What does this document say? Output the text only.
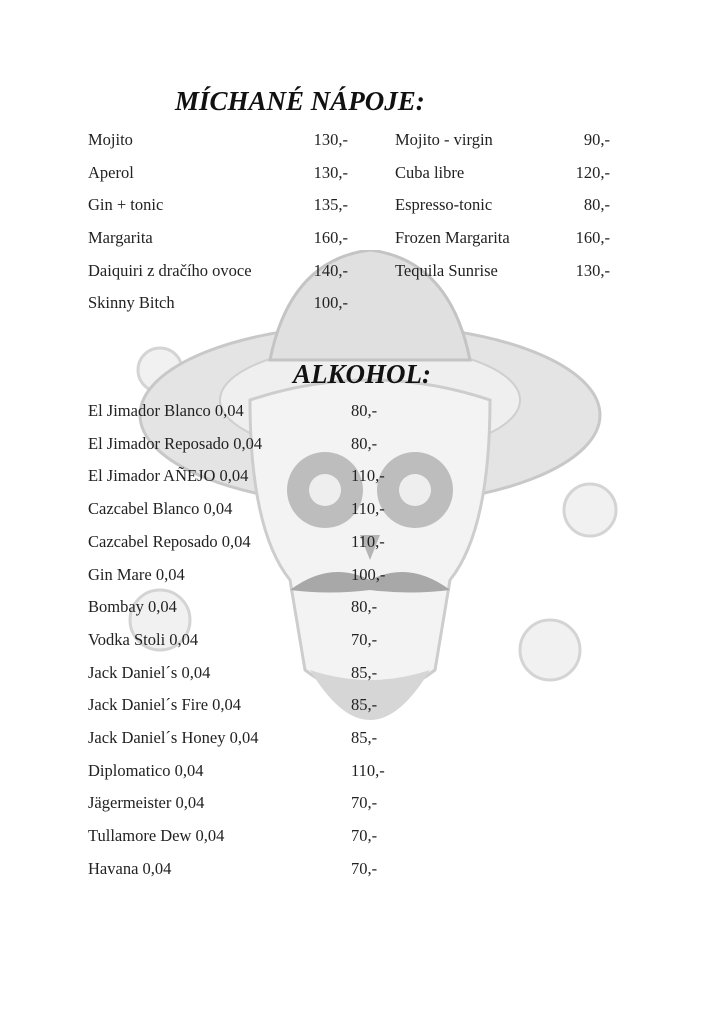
MÍCHANÉ NÁPOJE:
Mojito	130,-
Aperol	130,-
Gin + tonic	135,-
Margarita	160,-
Daiquiri z dračího ovoce	140,-
Skinny Bitch	100,-
Mojito - virgin	90,-
Cuba libre	120,-
Espresso-tonic	80,-
Frozen Margarita	160,-
Tequila Sunrise	130,-
ALKOHOL:
El Jimador Blanco 0,04	80,-
El Jimador Reposado 0,04	80,-
El Jimador AÑEJO 0,04	110,-
Cazcabel Blanco 0,04	110,-
Cazcabel Reposado 0,04	110,-
Gin Mare 0,04	100,-
Bombay 0,04	80,-
Vodka Stoli 0,04	70,-
Jack Daniel´s 0,04	85,-
Jack Daniel´s Fire 0,04	85,-
Jack Daniel´s Honey 0,04	85,-
Diplomatico 0,04	110,-
Jägermeister 0,04	70,-
Tullamore Dew 0,04	70,-
Havana 0,04	70,-
